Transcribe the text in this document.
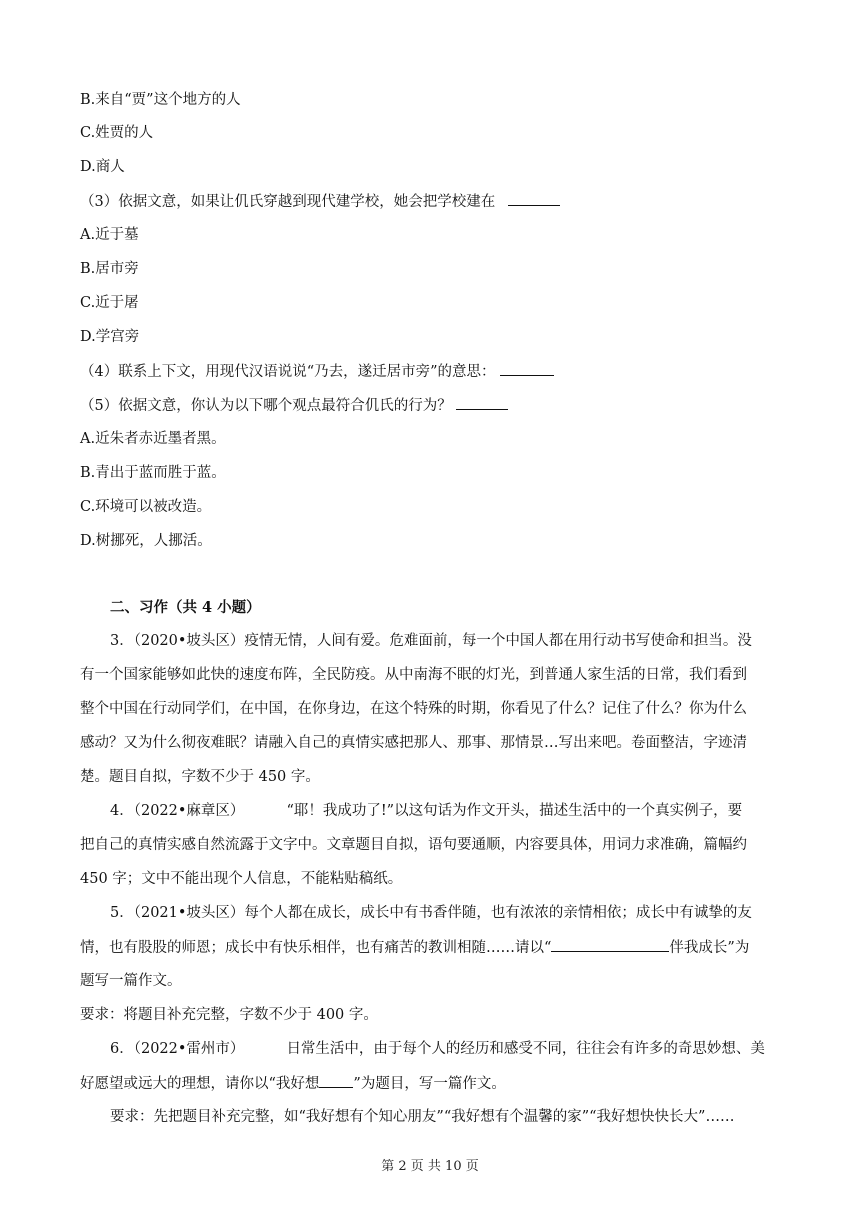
B.来自“贾”这个地方的人
C.姓贾的人
D.商人
（3）依据文意，如果让仉氏穿越到现代建学校，她会把学校建在
A.近于墓
B.居市旁
C.近于屠
D.学宫旁
（4）联系上下文，用现代汉语说说“乃去，遂迁居市旁”的意思：
（5）依据文意，你认为以下哪个观点最符合仉氏的行为？
A.近朱者赤近墨者黑。
B.青出于蓝而胜于蓝。
C.环境可以被改造。
D.树挪死，人挪活。
二、习作（共 4 小题）
3．（2020•坡头区）疫情无情，人间有爱。危难面前，每一个中国人都在用行动书写使命和担当。没
有一个国家能够如此快的速度布阵，全民防疫。从中南海不眠的灯光，到普通人家生活的日常，我们看到
整个中国在行动同学们，在中国，在你身边，在这个特殊的时期，你看见了什么？记住了什么？你为什么
感动？又为什么彻夜难眠？请融入自己的真情实感把那人、那事、那情景…写出来吧。卷面整洁，字迹清
楚。题目自拟，字数不少于 450 字。
4．（2022•麻章区）	“耶！我成功了!”以这句话为作文开头，描述生活中的一个真实例子，要
把自己的真情实感自然流露于文字中。文章题目自拟，语句要通顺，内容要具体，用词力求准确，篇幅约
450 字；文中不能出现个人信息，不能粘贴稿纸。
5．（2021•坡头区）每个人都在成长，成长中有书香伴随，也有浓浓的亲情相依；成长中有诚挚的友
情，也有股股的师恩；成长中有快乐相伴，也有痛苦的教训相随……请以“	伴我成长”为
题写一篇作文。
要求：将题目补充完整，字数不少于 400 字。
6．（2022•雷州市）	日常生活中，由于每个人的经历和感受不同，往往会有许多的奇思妙想、美
好愿望或远大的理想，请你以“我好想 ”为题目，写一篇作文。
要求：先把题目补充完整，如“我好想有个知心朋友”“我好想有个温馨的家”“我好想快快长大”……
第 2 页 共 10 页
